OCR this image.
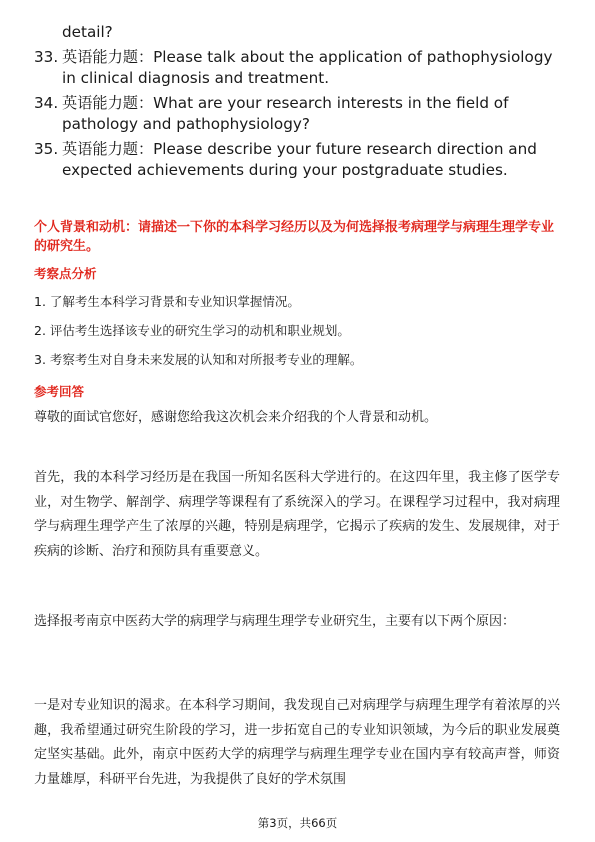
detail?
33. 英语能力题：Please talk about the application of pathophysiology in clinical diagnosis and treatment.
34. 英语能力题：What are your research interests in the field of pathology and pathophysiology?
35. 英语能力题：Please describe your future research direction and expected achievements during your postgraduate studies.
个人背景和动机：请描述一下你的本科学习经历以及为何选择报考病理学与病理生理学专业的研究生。
考察点分析
1. 了解考生本科学习背景和专业知识掌握情况。
2. 评估考生选择该专业的研究生学习的动机和职业规划。
3. 考察考生对自身未来发展的认知和对所报考专业的理解。
参考回答
尊敬的面试官您好，感谢您给我这次机会来介绍我的个人背景和动机。
首先，我的本科学习经历是在我国一所知名医科大学进行的。在这四年里，我主修了医学专业，对生物学、解剖学、病理学等课程有了系统深入的学习。在课程学习过程中，我对病理学与病理生理学产生了浓厚的兴趣，特别是病理学，它揭示了疾病的发生、发展规律，对于疾病的诊断、治疗和预防具有重要意义。
选择报考南京中医药大学的病理学与病理生理学专业研究生，主要有以下两个原因：
一是对专业知识的渴求。在本科学习期间，我发现自己对病理学与病理生理学有着浓厚的兴趣，我希望通过研究生阶段的学习，进一步拓宽自己的专业知识领域，为今后的职业发展奠定坚实基础。此外，南京中医药大学的病理学与病理生理学专业在国内享有较高声誉，师资力量雄厚，科研平台先进，为我提供了良好的学术氛围
第3页，共66页
